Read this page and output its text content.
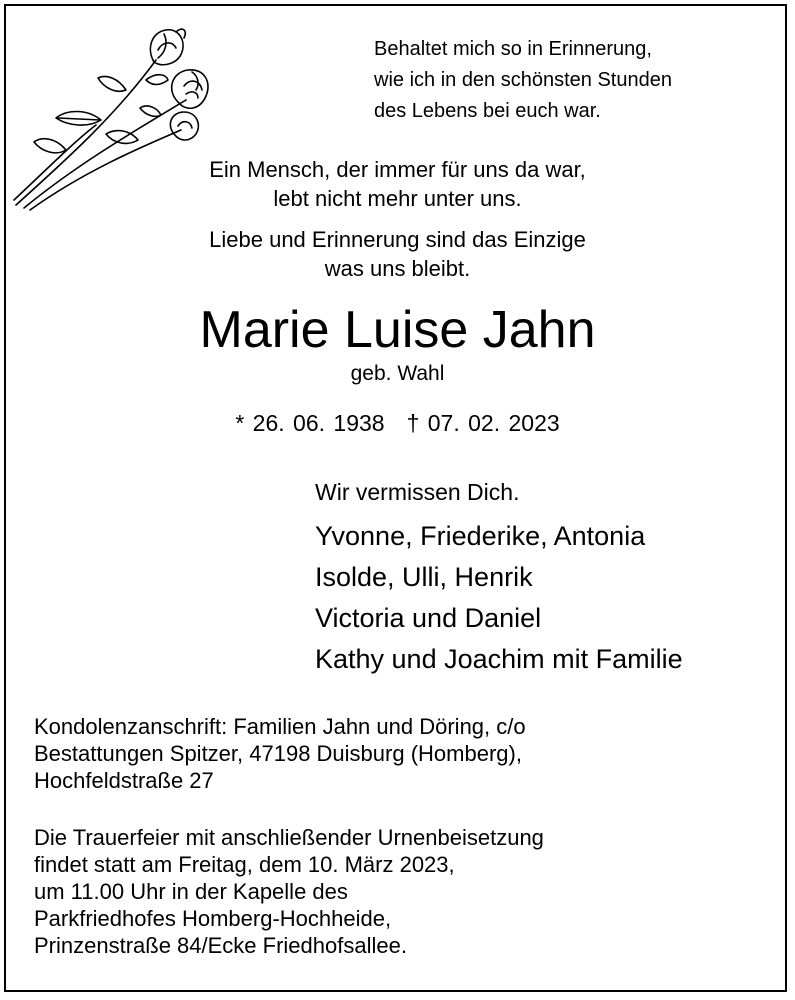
Behaltet mich so in Erinnerung,
wie ich in den schönsten Stunden
des Lebens bei euch war.
Ein Mensch, der immer für uns da war,
lebt nicht mehr unter uns.
Liebe und Erinnerung sind das Einzige
was uns bleibt.
Marie Luise Jahn
geb. Wahl
* 26. 06. 1938 † 07. 02. 2023
Wir vermissen Dich.
Yvonne, Friederike, Antonia
Isolde, Ulli, Henrik
Victoria und Daniel
Kathy und Joachim mit Familie
Kondolenzanschrift: Familien Jahn und Döring, c/o
Bestattungen Spitzer, 47198 Duisburg (Homberg),
Hochfeldstraße 27
Die Trauerfeier mit anschließender Urnenbeisetzung
findet statt am Freitag, dem 10. März 2023,
um 11.00 Uhr in der Kapelle des
Parkfriedhofes Homberg-Hochheide,
Prinzenstraße 84/Ecke Friedhofsallee.
